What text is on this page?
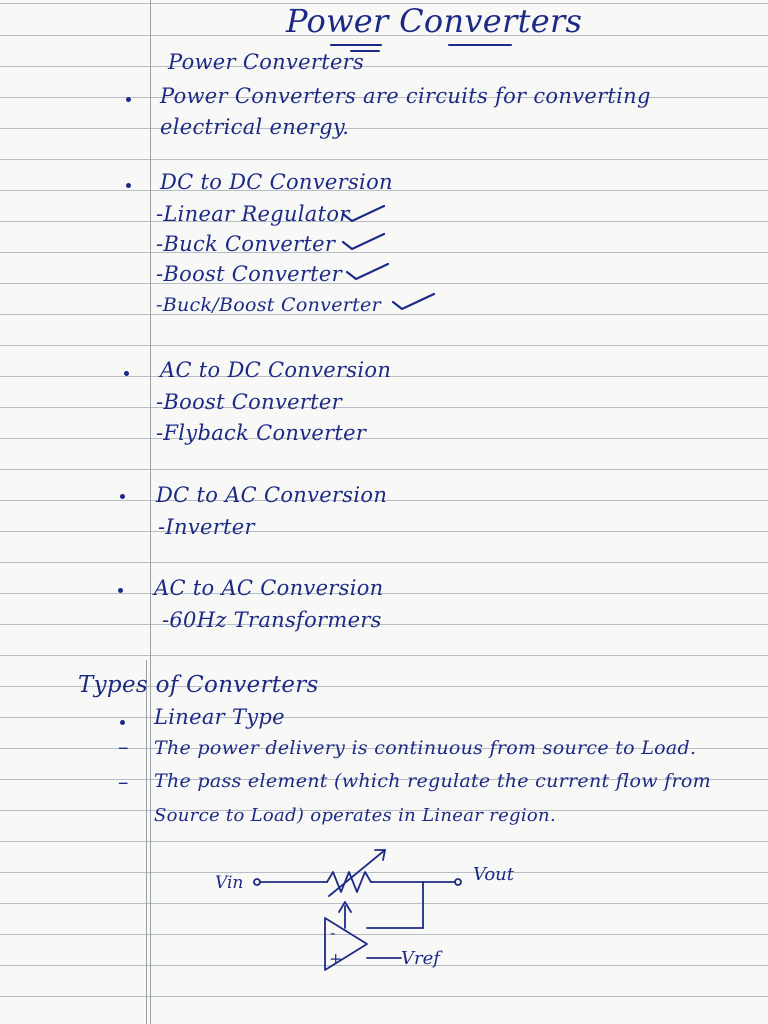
Power Converters
Power Converters
Power Converters are circuits for converting
electrical energy.
DC to DC Conversion
-Linear Regulator
-Buck Converter
-Boost Converter
-Buck/Boost Converter
AC to DC Conversion
-Boost Converter
-Flyback Converter
DC to AC Conversion
-Inverter
AC to AC Conversion
-60Hz Transformers
Types of Converters
Linear Type
– The power delivery is continuous from source to Load.
– The pass element (which regulate the current flow from
Source to Load) operates in Linear region.
Vin	Vout
Vref
-
+
